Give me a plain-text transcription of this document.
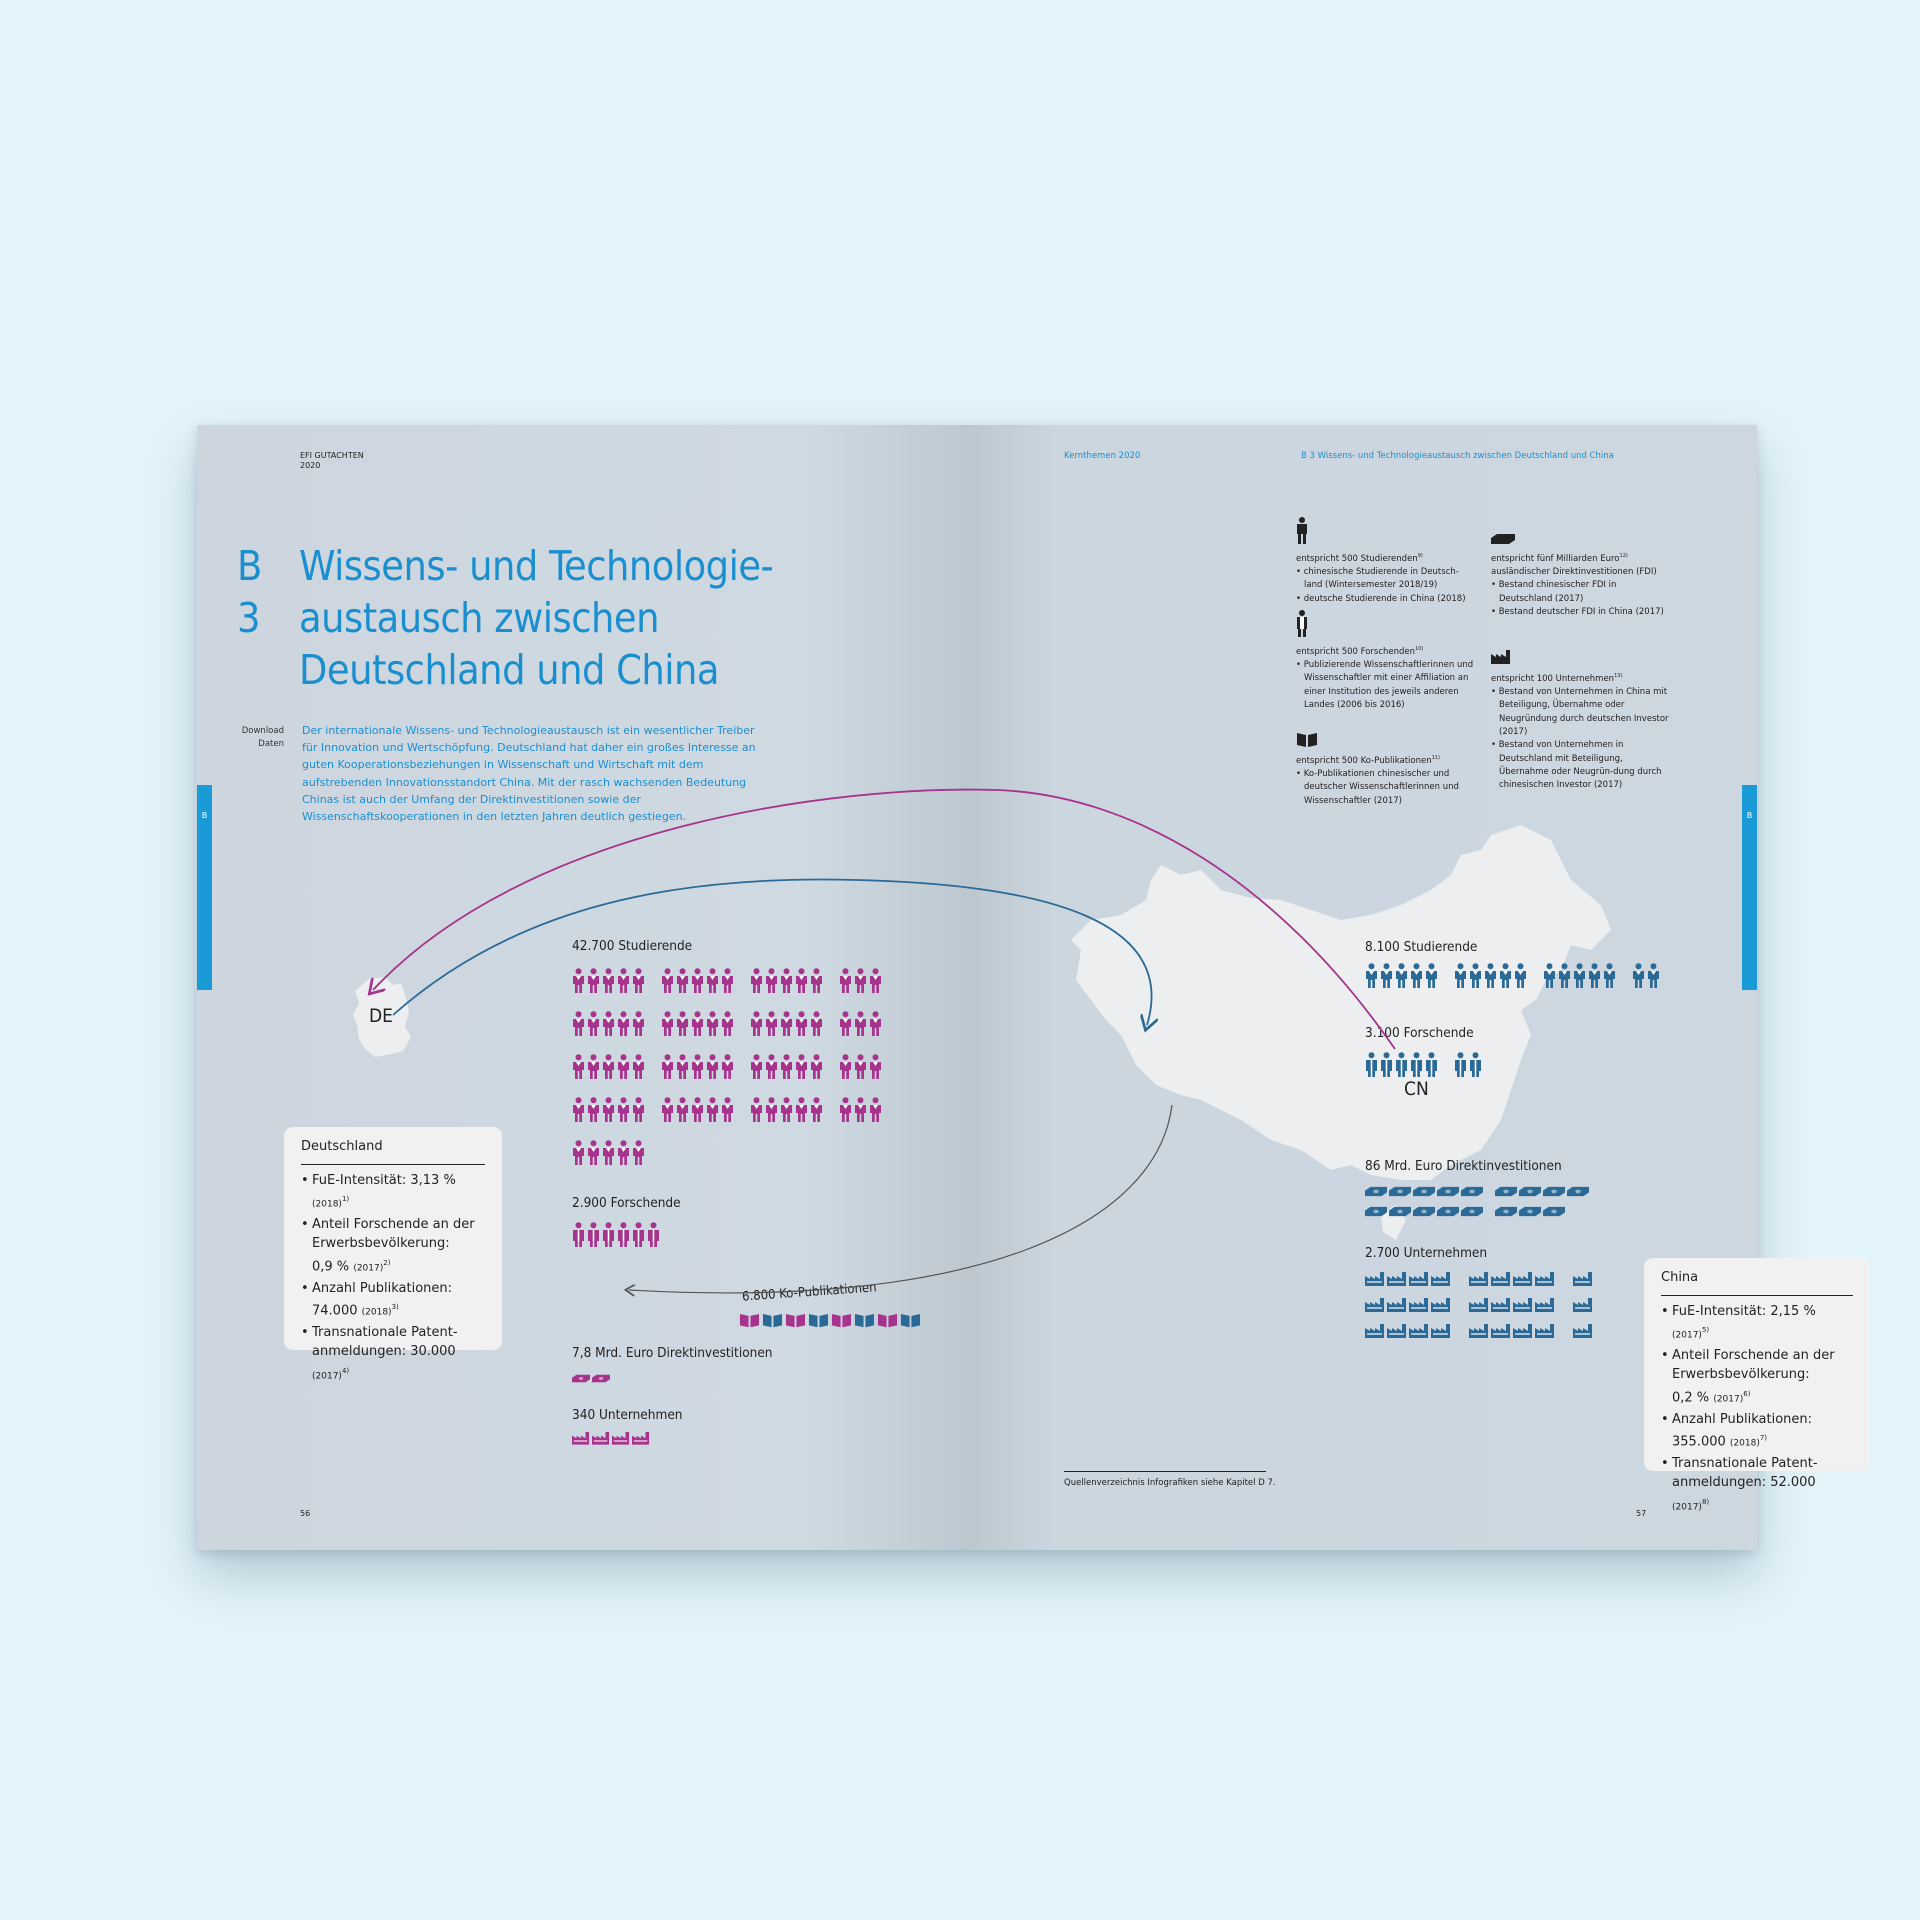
EFI GUTACHTEN
2020
B 3
Wissens- und Technologie-
austausch zwischen
Deutschland und China
Download
Daten
Der internationale Wissens- und Technologieaustausch ist ein wesentlicher Treiber für Innovation und Wertschöpfung. Deutschland hat daher ein großes Interesse an guten Kooperationsbeziehungen in Wissenschaft und Wirtschaft mit dem aufstrebenden Innovationsstandort China. Mit der rasch wachsenden Bedeutung Chinas ist auch der Umfang der Direktinvestitionen sowie der Wissenschaftskooperationen in den letzten Jahren deutlich gestiegen.
B
DE
42.700 Studierende
2.900 Forschende
6.800 Ko-Publikationen
7,8 Mrd. Euro Direktinvestitionen
340 Unternehmen
Deutschland
• FuE-Intensität: 3,13 % $(2018)^{1)}$
• Anteil Forschende an der Erwerbsbevölkerung:
0,9 % $(2017)^{2)}$
• Anzahl Publikationen:
74.000 $(2018)^{3)}$
• Transnationale Patent-
anmeldungen: 30.000 $(2017)^{4)}$
56
Kernthemen 2020	B 3 Wissens- und Technologieaustausch zwischen Deutschland und China
B
CN
entspricht 500 Studierenden$^{9)}$
• chinesische Studierende in Deutsch-land (Wintersemester 2018/19)
• deutsche Studierende in China (2018)
entspricht 500 Forschenden$^{10)}$
• Publizierende Wissenschaftlerinnen und Wissenschaftler mit einer Affiliation an einer Institution des jeweils anderen Landes (2006 bis 2016)
entspricht 500 Ko-Publikationen$^{11)}$
• Ko-Publikationen chinesischer und deutscher Wissenschaftlerinnen und Wissenschaftler (2017)
entspricht fünf Milliarden Euro$^{12)}$
ausländischer Direktinvestitionen (FDI)
• Bestand chinesischer FDI in Deutschland (2017)
• Bestand deutscher FDI in China (2017)
entspricht 100 Unternehmen$^{13)}$
• Bestand von Unternehmen in China mit Beteiligung, Übernahme oder Neugründung durch deutschen Investor (2017)
• Bestand von Unternehmen in Deutschland mit Beteiligung, Übernahme oder Neugrün-dung durch chinesischen Investor (2017)
8.100 Studierende
3.100 Forschende
86 Mrd. Euro Direktinvestitionen
2.700 Unternehmen
China
• FuE-Intensität: 2,15 % $(2017)^{5)}$
• Anteil Forschende an der Erwerbsbevölkerung:
0,2 % $(2017)^{6)}$
• Anzahl Publikationen:
355.000 $(2018)^{7)}$
• Transnationale Patent-
anmeldungen: 52.000 $(2017)^{8)}$
Quellenverzeichnis Infografiken siehe Kapitel D 7.
57
